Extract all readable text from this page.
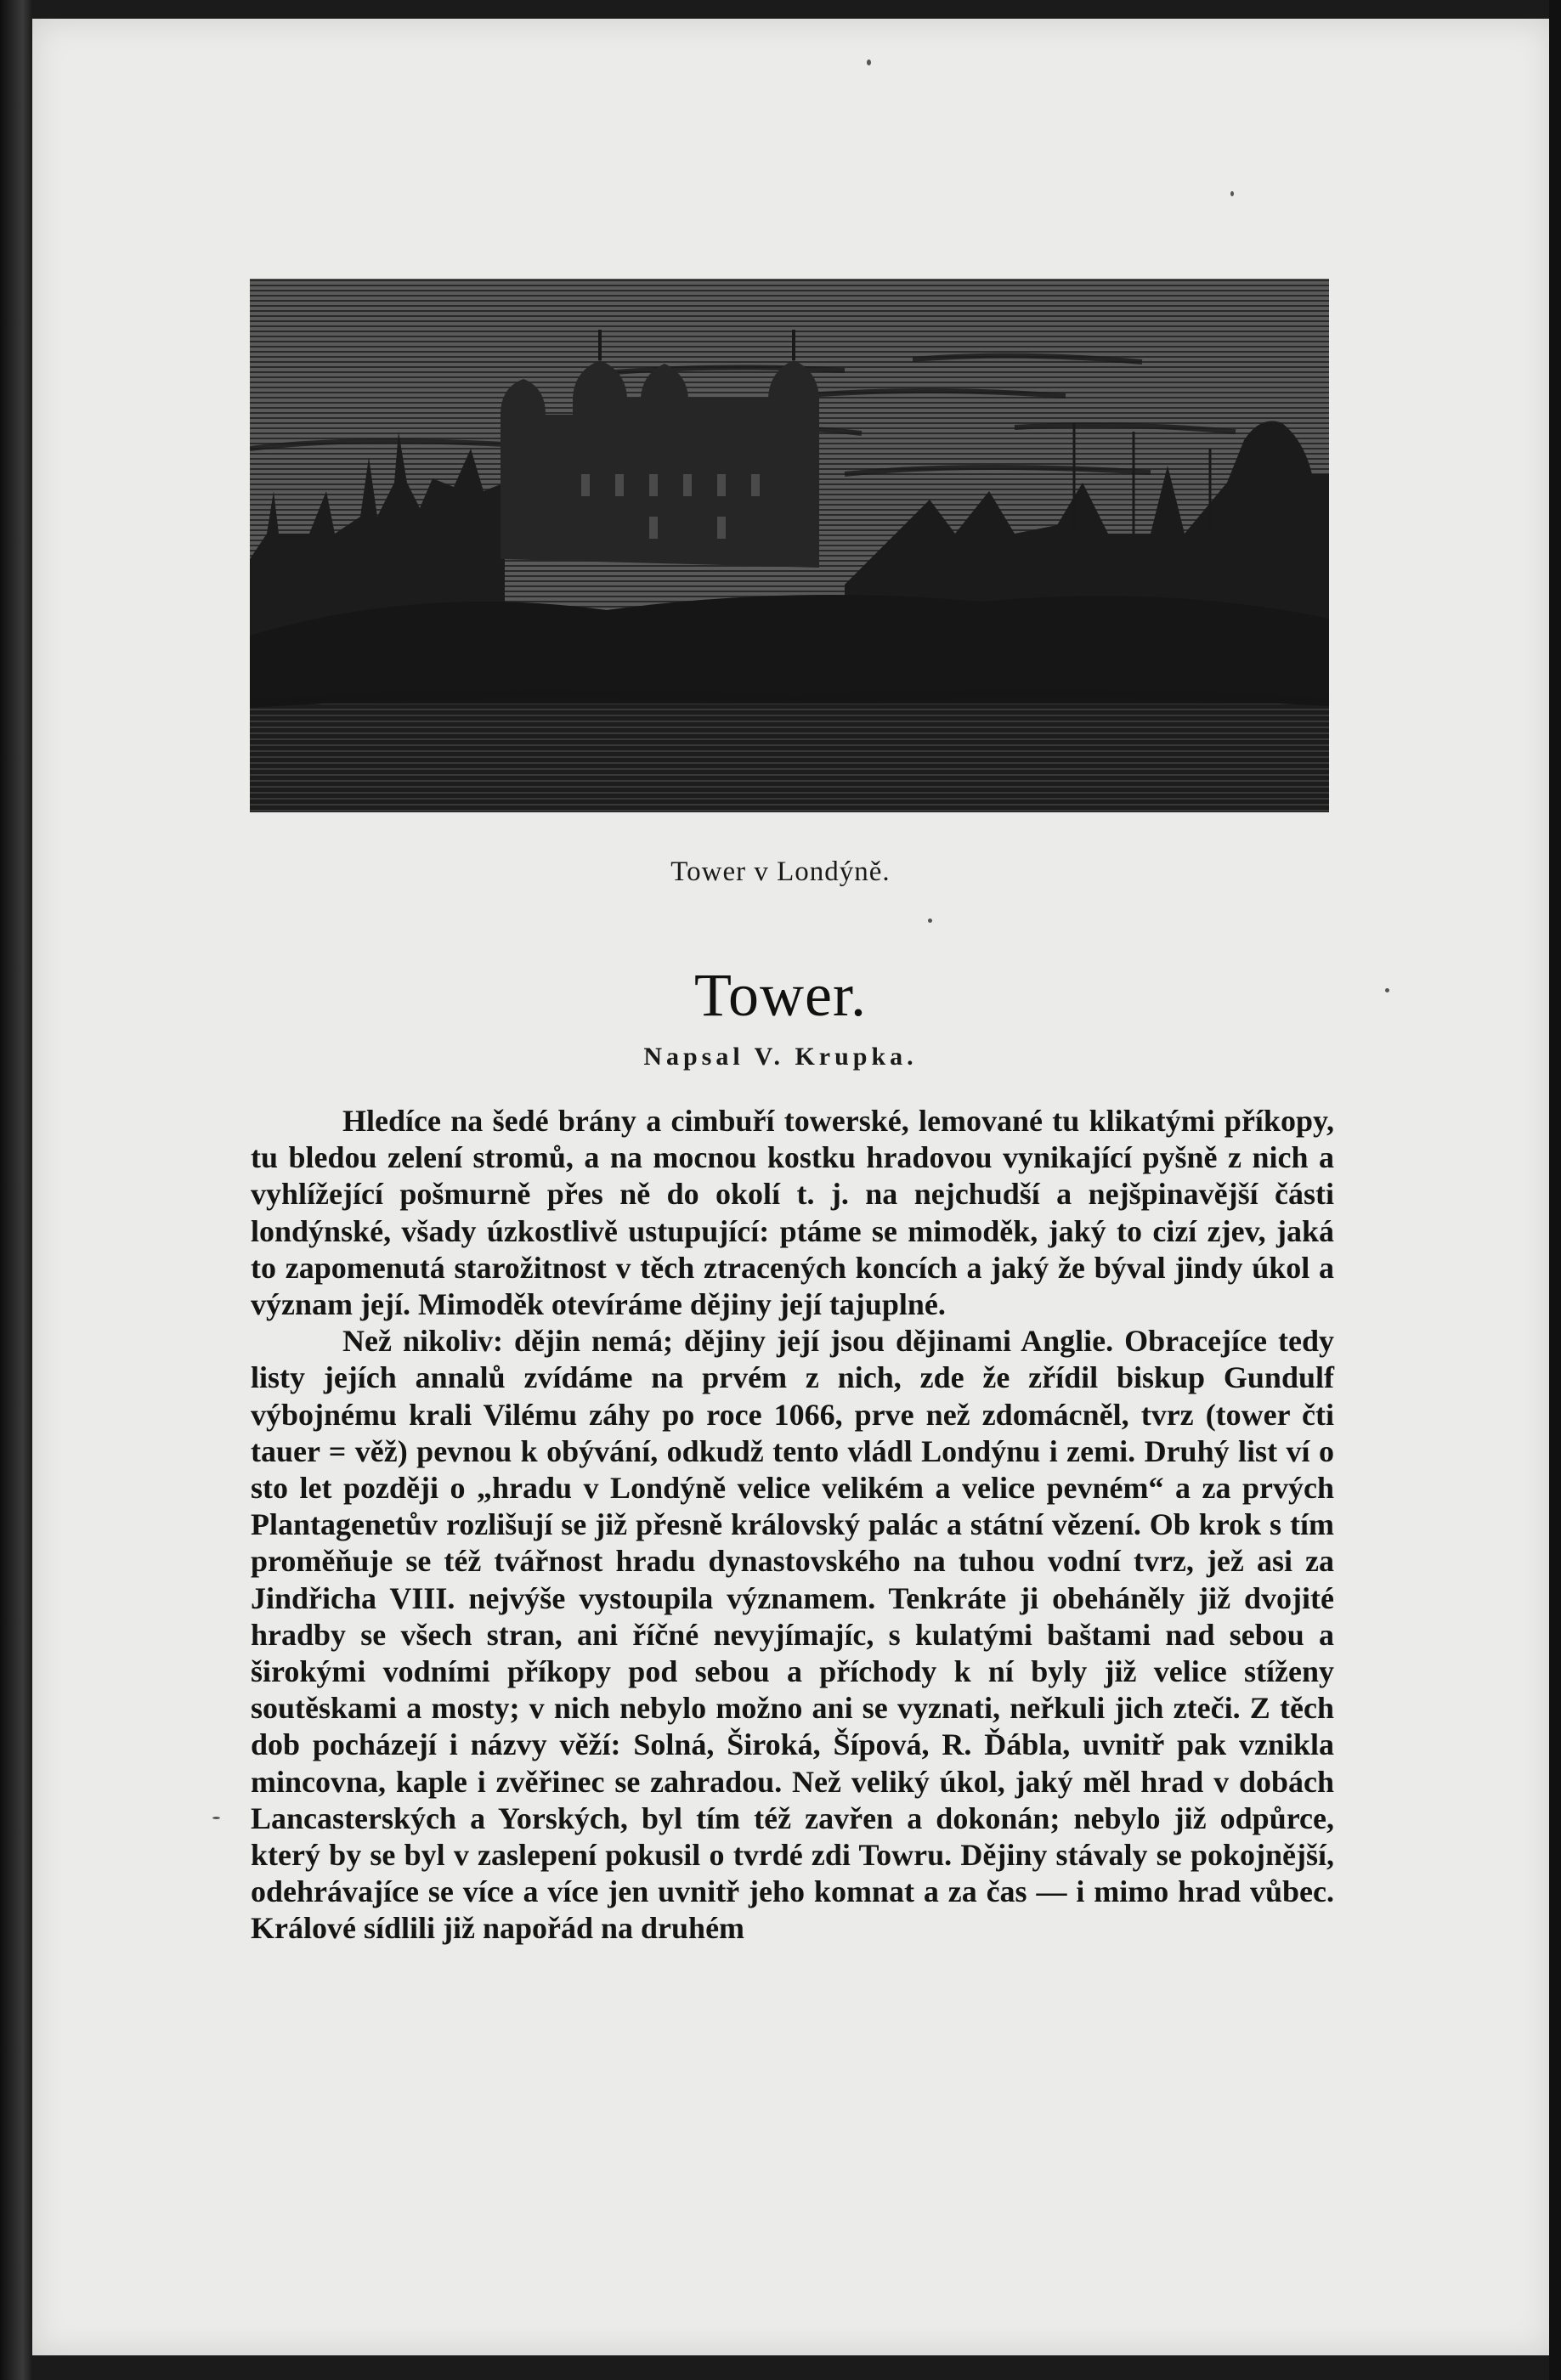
Tower v Londýně.
Tower.
Napsal V. Krupka.

Hledíce na šedé brány a cimbuří towerské, lemované tu klikatými příkopy, tu bledou zelení stromů, a na mocnou kostku hradovou vynikající pyšně z nich a vyhlížející pošmurně přes ně do okolí t. j. na nejchudší a nejšpinavější části londýnské, všady úzkostlivě ustupující: ptáme se mimoděk, jaký to cizí zjev, jaká to zapomenutá starožitnost v těch ztracených koncích a jaký že býval jindy úkol a význam její. Mimoděk otevíráme dějiny její tajuplné.

Než nikoliv: dějin nemá; dějiny její jsou dějinami Anglie. Obracejíce tedy listy jejích annalů zvídáme na prvém z nich, zde že zřídil biskup Gundulf výbojnému krali Vilému záhy po roce 1066, prve než zdomácněl, tvrz (tower čti tauer = věž) pevnou k obývání, odkudž tento vládl Londýnu i zemi. Druhý list ví o sto let později o „hradu v Londýně velice velikém a velice pevném“ a za prvých Plantagenetův rozlišují se již přesně královský palác a státní vězení. Ob krok s tím proměňuje se též tvářnost hradu dynastovského na tuhou vodní tvrz, jež asi za Jindřicha VIII. nejvýše vystoupila významem. Tenkráte ji obeháněly již dvojité hradby se všech stran, ani říčné nevyjímajíc, s kulatými baštami nad sebou a širokými vodními příkopy pod sebou a příchody k ní byly již velice stíženy soutěskami a mosty; v nich nebylo možno ani se vyznati, neřkuli jich zteči. Z těch dob pocházejí i názvy věží: Solná, Široká, Šípová, R. Ďábla, uvnitř pak vznikla mincovna, kaple i zvěřinec se zahradou. Než veliký úkol, jaký měl hrad v dobách Lancasterských a Yorských, byl tím též zavřen a dokonán; nebylo již odpůrce, který by se byl v zaslepení pokusil o tvrdé zdi Towru. Dějiny stávaly se pokojnější, odehrávajíce se více a více jen uvnitř jeho komnat a za čas — i mimo hrad vůbec. Králové sídlili již napořád na druhém
